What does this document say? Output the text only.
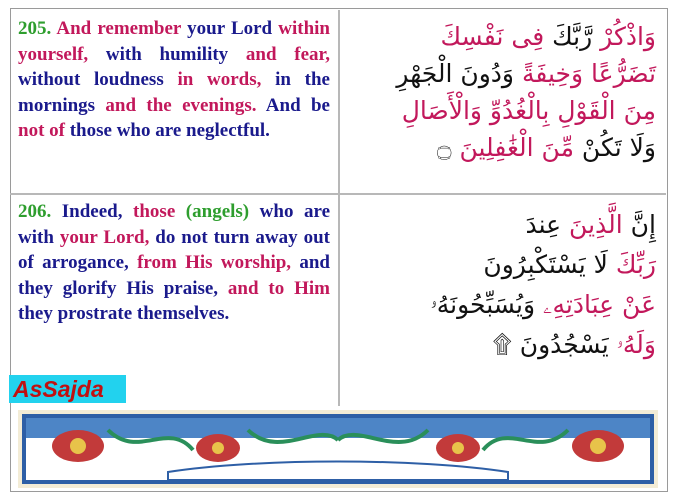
205. And remember your Lord within yourself, with humility and fear, without loudness in words, in the mornings and the evenings. And be not of those who are neglectful.
وَاذْكُرْ رَّبَّكَ فِى نَفْسِكَ
تَضَرُّعًا وَخِيفَةً وَدُونَ الْجَهْرِ
مِنَ الْقَوْلِ بِالْغُدُوِّ وَالْأَصَالِ
وَلَا تَكُنْ مِّنَ الْغَٰفِلِينَ ۝
206. Indeed, those (angels) who are with your Lord, do not turn away out of arrogance, from His worship, and they glorify His praise, and to Him they prostrate themselves.
إِنَّ الَّذِينَ عِندَ
رَبِّكَ لَا يَسْتَكْبِرُونَ
عَنْ عِبَادَتِهِۦ وَيُسَبِّحُونَهُۥ
وَلَهُۥ يَسْجُدُونَ ۩
AsSajda
